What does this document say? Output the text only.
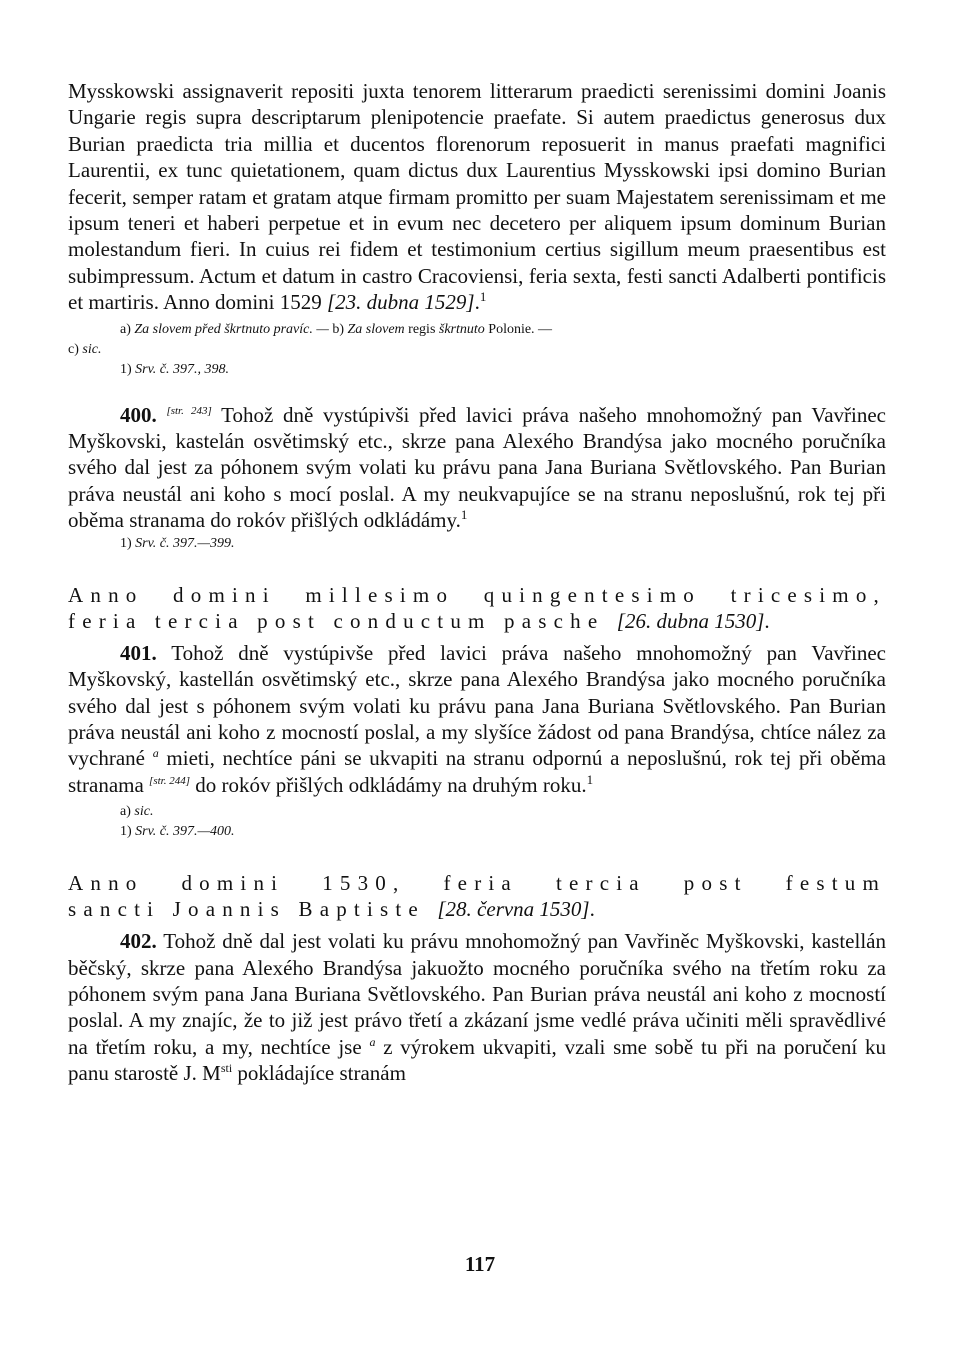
Mysskowski assignaverit repositi juxta tenorem litterarum praedicti serenissimi domini Joanis Ungarie regis supra descriptarum plenipotencie praefate. Si autem praedictus generosus dux Burian praedicta tria millia et ducentos florenorum reposuerit in manus praefati magnifici Laurentii, ex tunc quietationem, quam dictus dux Laurentius Mysskowski ipsi domino Burian fecerit, semper ratam et gratam atque firmam promitto per suam Majestatem serenissimam et me ipsum teneri et haberi perpetue et in evum nec decetero per aliquem ipsum dominum Burian molestandum fieri. In cuius rei fidem et testimonium certius sigillum meum praesentibus est subimpressum. Actum et datum in castro Cracoviensi, feria sexta, festi sancti Adalberti pontificis et martiris. Anno domini 1529 [23. dubna 1529].$^1$

a) Za slovem před škrtnuto pravíc. — b) Za slovem regis škrtnuto Polonie. —
c) sic.
1) Srv. č. 397., 398.

400. [str. 243] Tohož dně vystúpivši před lavici práva našeho mnohomožný pan Vavřinec Myškovski, kastelán osvětimský etc., skrze pana Alexého Brandýsa jako mocného poručníka svého dal jest za póhonem svým volati ku právu pana Jana Buriana Světlovského. Pan Burian práva neustál ani koho s mocí poslal. A my neukvapujíce se na stranu neposlušnú, rok tej při oběma stranama do rokóv přišlých odkládámy.$^1$

1) Srv. č. 397.—399.

Anno domini millesimo quingentesimo tricesimo,

feria tercia post conductum pasche [26. dubna 1530].

401. Tohož dně vystúpivše před lavici práva našeho mnohomožný pan Vavřinec Myškovský, kastellán osvětimský etc., skrze pana Alexého Brandýsa jako mocného poručníka svého dal jest s póhonem svým volati ku právu pana Jana Buriana Světlovského. Pan Burian práva neustál ani koho z mocností poslal, a my slyšíce žádost od pana Brandýsa, chtíce nález za vychrané $^a$ mieti, nechtíce páni se ukvapiti na stranu odpornú a neposlušnú, rok tej při oběma stranama [str. 244] do rokóv přišlých odkládámy na druhým roku.$^1$

a) sic.
1) Srv. č. 397.—400.

Anno domini 1530, feria tercia post festum

sancti Joannis Baptiste [28. června 1530].

402. Tohož dně dal jest volati ku právu mnohomožný pan Vavřiněc Myškovski, kastellán běčský, skrze pana Alexého Brandýsa jakuožto mocného poručníka svého na třetím roku za póhonem svým pana Jana Buriana Světlovského. Pan Burian práva neustál ani koho z mocností poslal. A my znajíc, že to již jest právo třetí a zkázaní jsme vedlé práva učiniti měli spravědlivé na třetím roku, a my, nechtíce jse $^a$ z výrokem ukvapiti, vzali sme sobě tu při na poručení ku panu starostě J. $M^{sti}$ pokládajíce stranám

117
